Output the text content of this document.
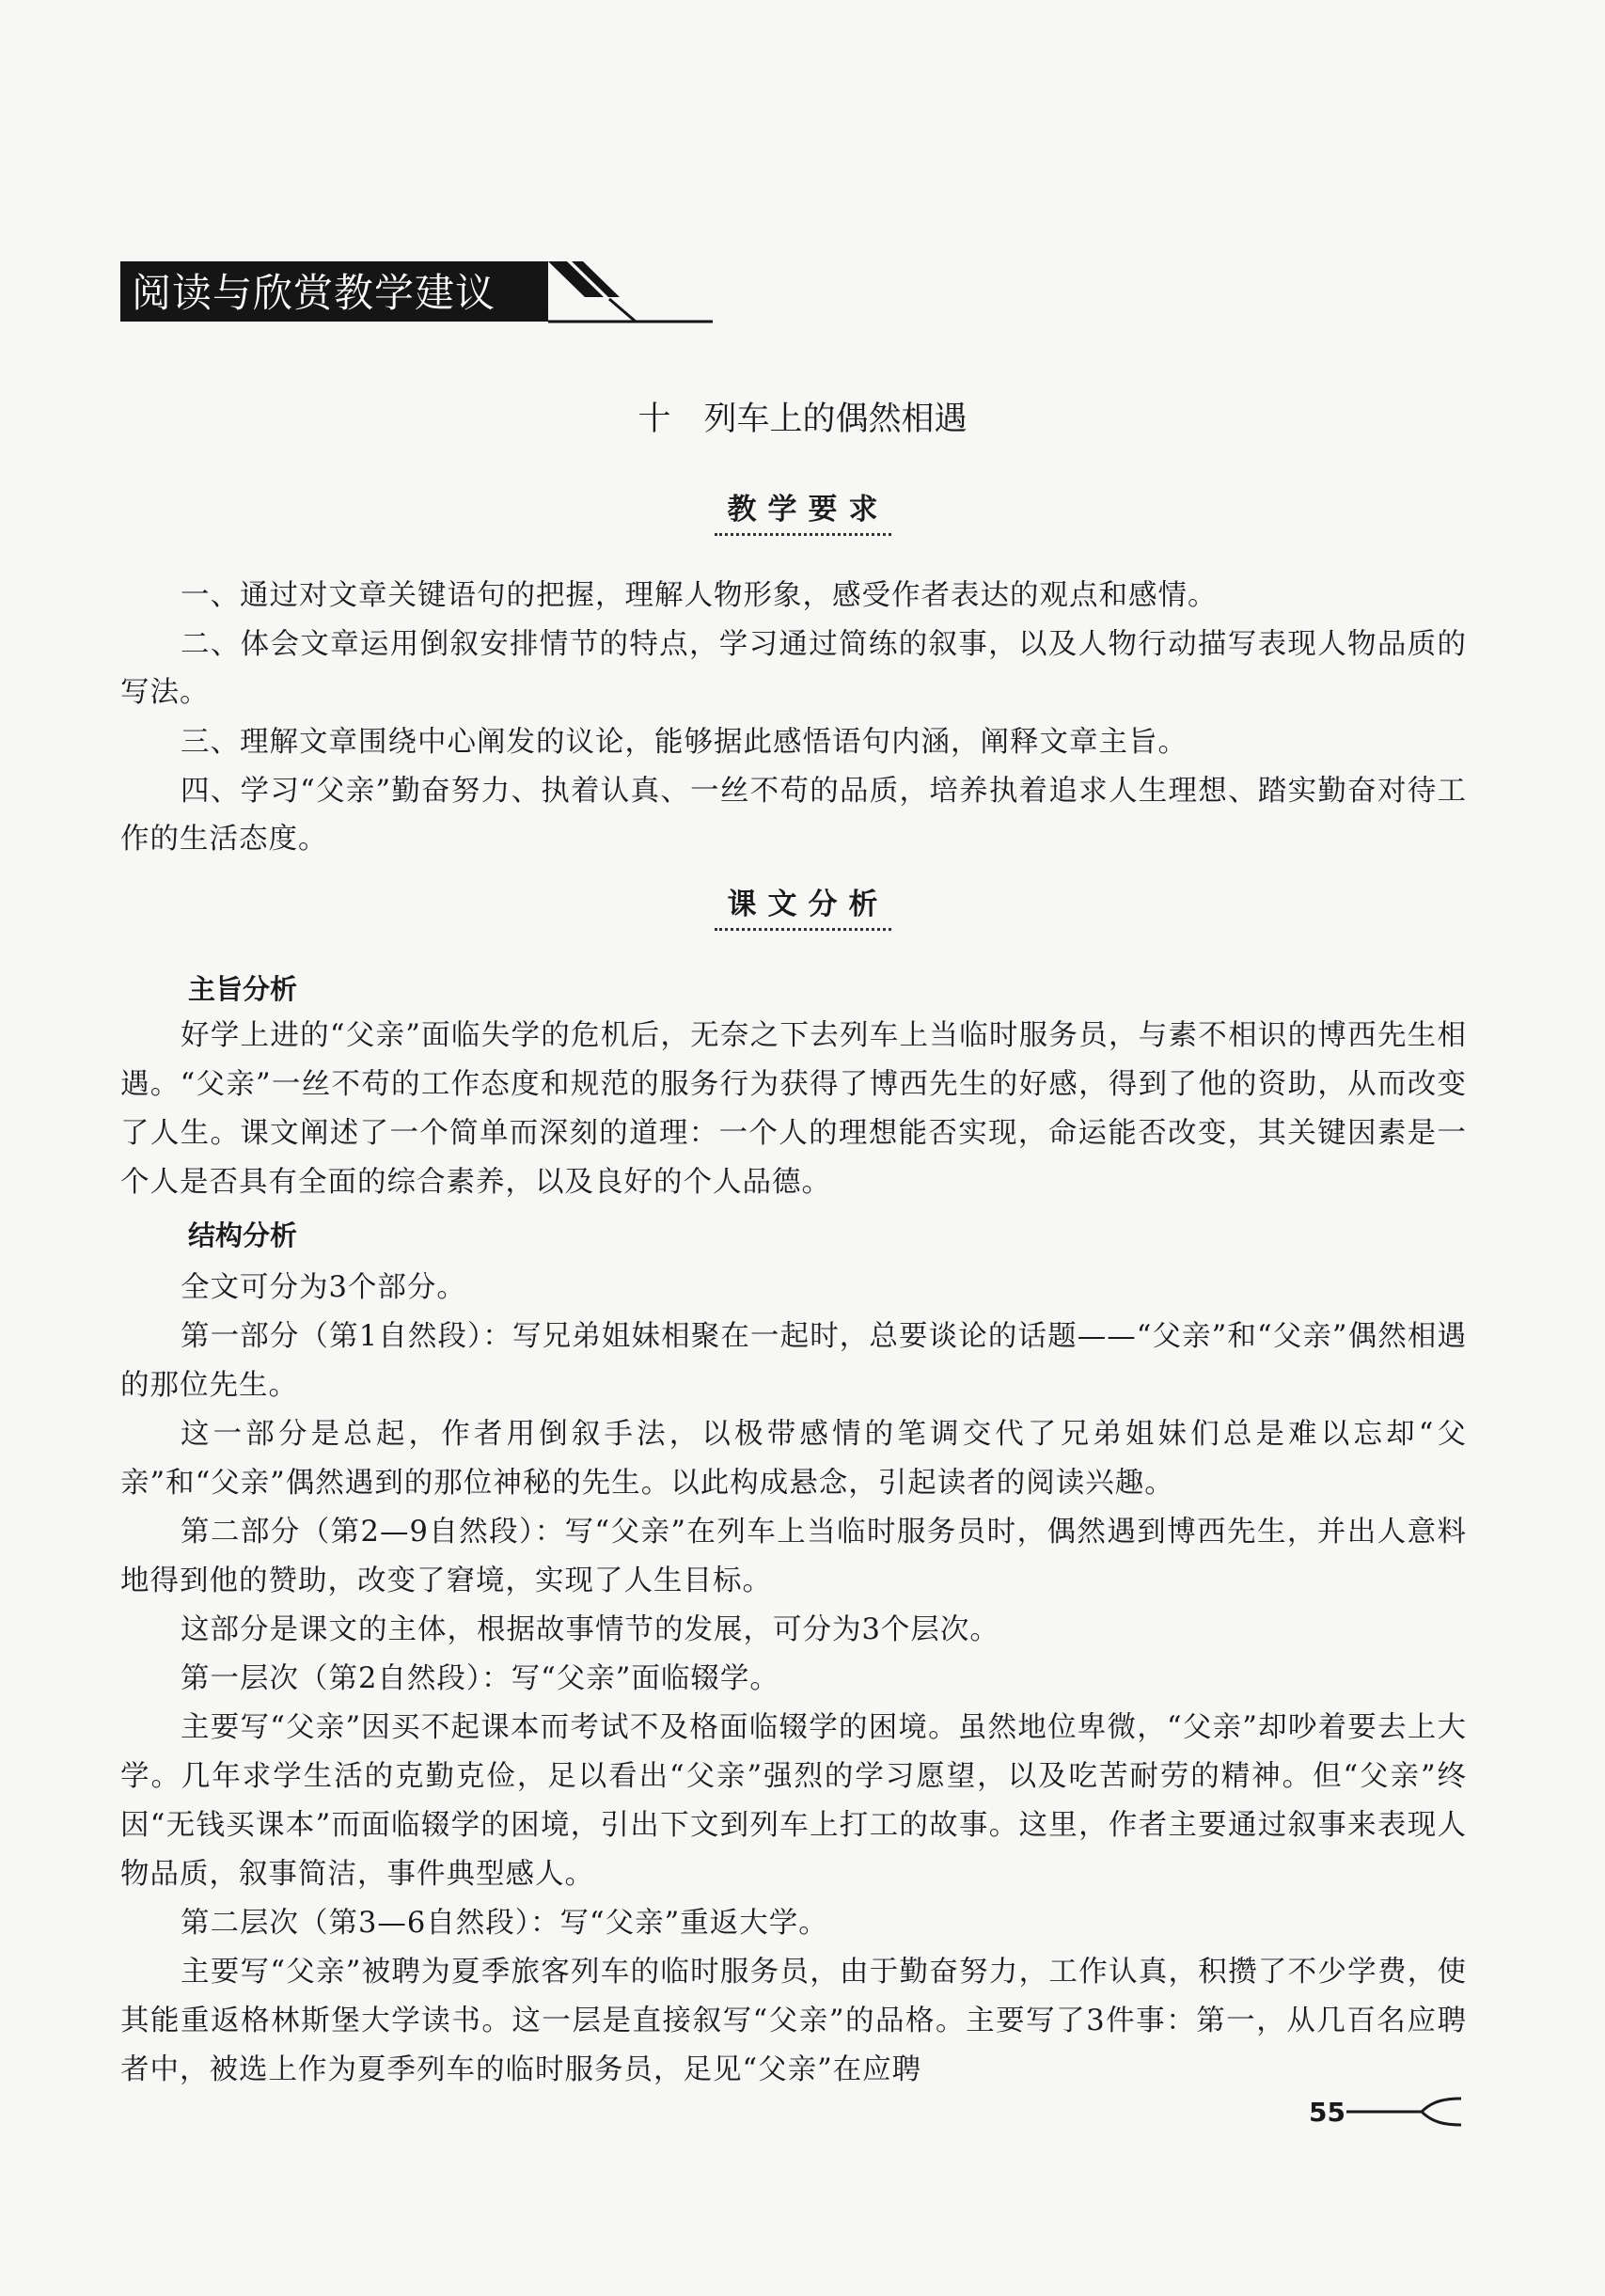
阅读与欣赏教学建议
十　列车上的偶然相遇
教学要求
一、通过对文章关键语句的把握，理解人物形象，感受作者表达的观点和感情。
二、体会文章运用倒叙安排情节的特点，学习通过简练的叙事，以及人物行动描写表现人物品质的写法。
三、理解文章围绕中心阐发的议论，能够据此感悟语句内涵，阐释文章主旨。
四、学习“父亲”勤奋努力、执着认真、一丝不苟的品质，培养执着追求人生理想、踏实勤奋对待工作的生活态度。
课文分析
主旨分析
结构分析

好学上进的“父亲”面临失学的危机后，无奈之下去列车上当临时服务员，与素不相识的博西先生相遇。“父亲”一丝不苟的工作态度和规范的服务行为获得了博西先生的好感，得到了他的资助，从而改变了人生。课文阐述了一个简单而深刻的道理：一个人的理想能否实现，命运能否改变，其关键因素是一个人是否具有全面的综合素养，以及良好的个人品德。

全文可分为3个部分。

第一部分（第1自然段）：写兄弟姐妹相聚在一起时，总要谈论的话题——“父亲”和“父亲”偶然相遇的那位先生。

这一部分是总起，作者用倒叙手法，以极带感情的笔调交代了兄弟姐妹们总是难以忘却“父亲”和“父亲”偶然遇到的那位神秘的先生。以此构成悬念，引起读者的阅读兴趣。

第二部分（第2—9自然段）：写“父亲”在列车上当临时服务员时，偶然遇到博西先生，并出人意料地得到他的赞助，改变了窘境，实现了人生目标。

这部分是课文的主体，根据故事情节的发展，可分为3个层次。

第一层次（第2自然段）：写“父亲”面临辍学。

主要写“父亲”因买不起课本而考试不及格面临辍学的困境。虽然地位卑微，“父亲”却吵着要去上大学。几年求学生活的克勤克俭，足以看出“父亲”强烈的学习愿望，以及吃苦耐劳的精神。但“父亲”终因“无钱买课本”而面临辍学的困境，引出下文到列车上打工的故事。这里，作者主要通过叙事来表现人物品质，叙事简洁，事件典型感人。

第二层次（第3—6自然段）：写“父亲”重返大学。

主要写“父亲”被聘为夏季旅客列车的临时服务员，由于勤奋努力，工作认真，积攒了不少学费，使其能重返格林斯堡大学读书。这一层是直接叙写“父亲”的品格。主要写了3件事：第一，从几百名应聘者中，被选上作为夏季列车的临时服务员，足见“父亲”在应聘

55
